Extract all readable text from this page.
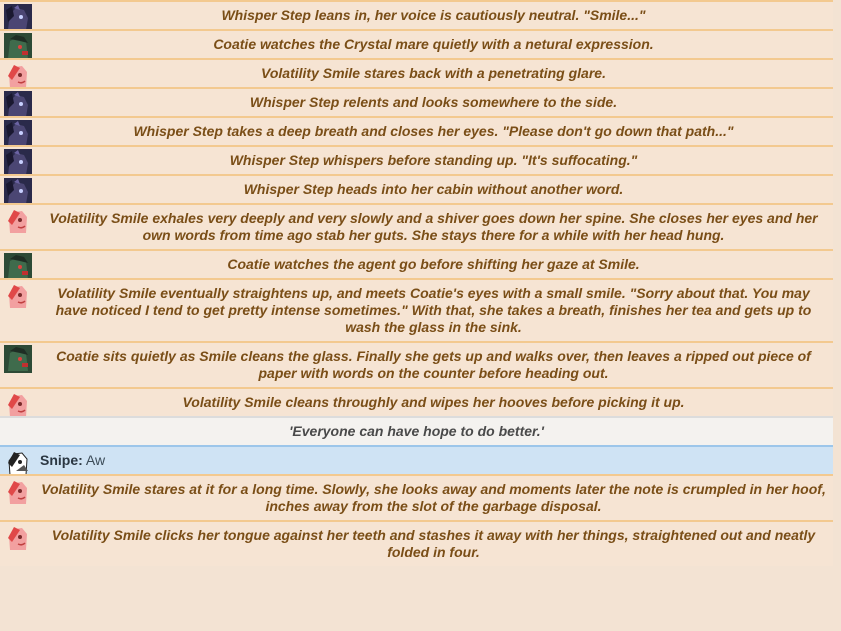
Whisper Step leans in, her voice is cautiously neutral. "Smile..."
Coatie watches the Crystal mare quietly with a netural expression.
Volatility Smile stares back with a penetrating glare.
Whisper Step relents and looks somewhere to the side.
Whisper Step takes a deep breath and closes her eyes. "Please don't go down that path..."
Whisper Step whispers before standing up. "It's suffocating."
Whisper Step heads into her cabin without another word.
Volatility Smile exhales very deeply and very slowly and a shiver goes down her spine. She closes her eyes and her own words from time ago stab her guts. She stays there for a while with her head hung.
Coatie watches the agent go before shifting her gaze at Smile.
Volatility Smile eventually straightens up, and meets Coatie's eyes with a small smile. "Sorry about that. You may have noticed I tend to get pretty intense sometimes." With that, she takes a breath, finishes her tea and gets up to wash the glass in the sink.
Coatie sits quietly as Smile cleans the glass. Finally she gets up and walks over, then leaves a ripped out piece of paper with words on the counter before heading out.
Volatility Smile cleans throughly and wipes her hooves before picking it up.
'Everyone can have hope to do better.'
Snipe: Aw
Volatility Smile stares at it for a long time. Slowly, she looks away and moments later the note is crumpled in her hoof, inches away from the slot of the garbage disposal.
Volatility Smile clicks her tongue against her teeth and stashes it away with her things, straightened out and neatly folded in four.
